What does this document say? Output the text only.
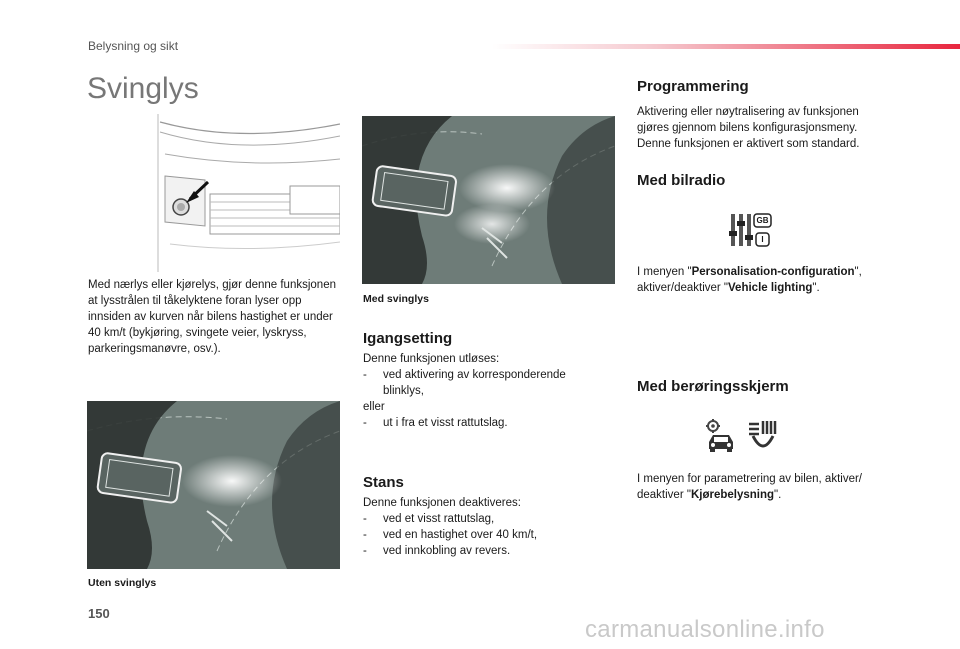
Belysning og sikt
Svinglys
Med nærlys eller kjørelys, gjør denne funksjonen at lysstrålen til tåkelyktene foran lyser opp innsiden av kurven når bilens hastighet er under 40 km/t (bykjøring, svingete veier, lyskryss, parkeringsmanøvre, osv.).
Uten svinglys
Med svinglys
Igangsetting
Denne funksjonen utløses:
-	ved aktivering av korresponderende blinklys,
eller
-	ut i fra et visst rattutslag.
Stans
Denne funksjonen deaktiveres:
-	ved et visst rattutslag,
-	ved en hastighet over 40 km/t,
-	ved innkobling av revers.
Programmering
Aktivering eller nøytralisering av funksjonen gjøres gjennom bilens konfigurasjonsmeny. Denne funksjonen er aktivert som standard.
Med bilradio
GB
I
I menyen "Personalisation-configuration", aktiver/deaktiver "Vehicle lighting".
Med berøringsskjerm
I menyen for parametrering av bilen, aktiver/ deaktiver "Kjørebelysning".
150
carmanualsonline.info
